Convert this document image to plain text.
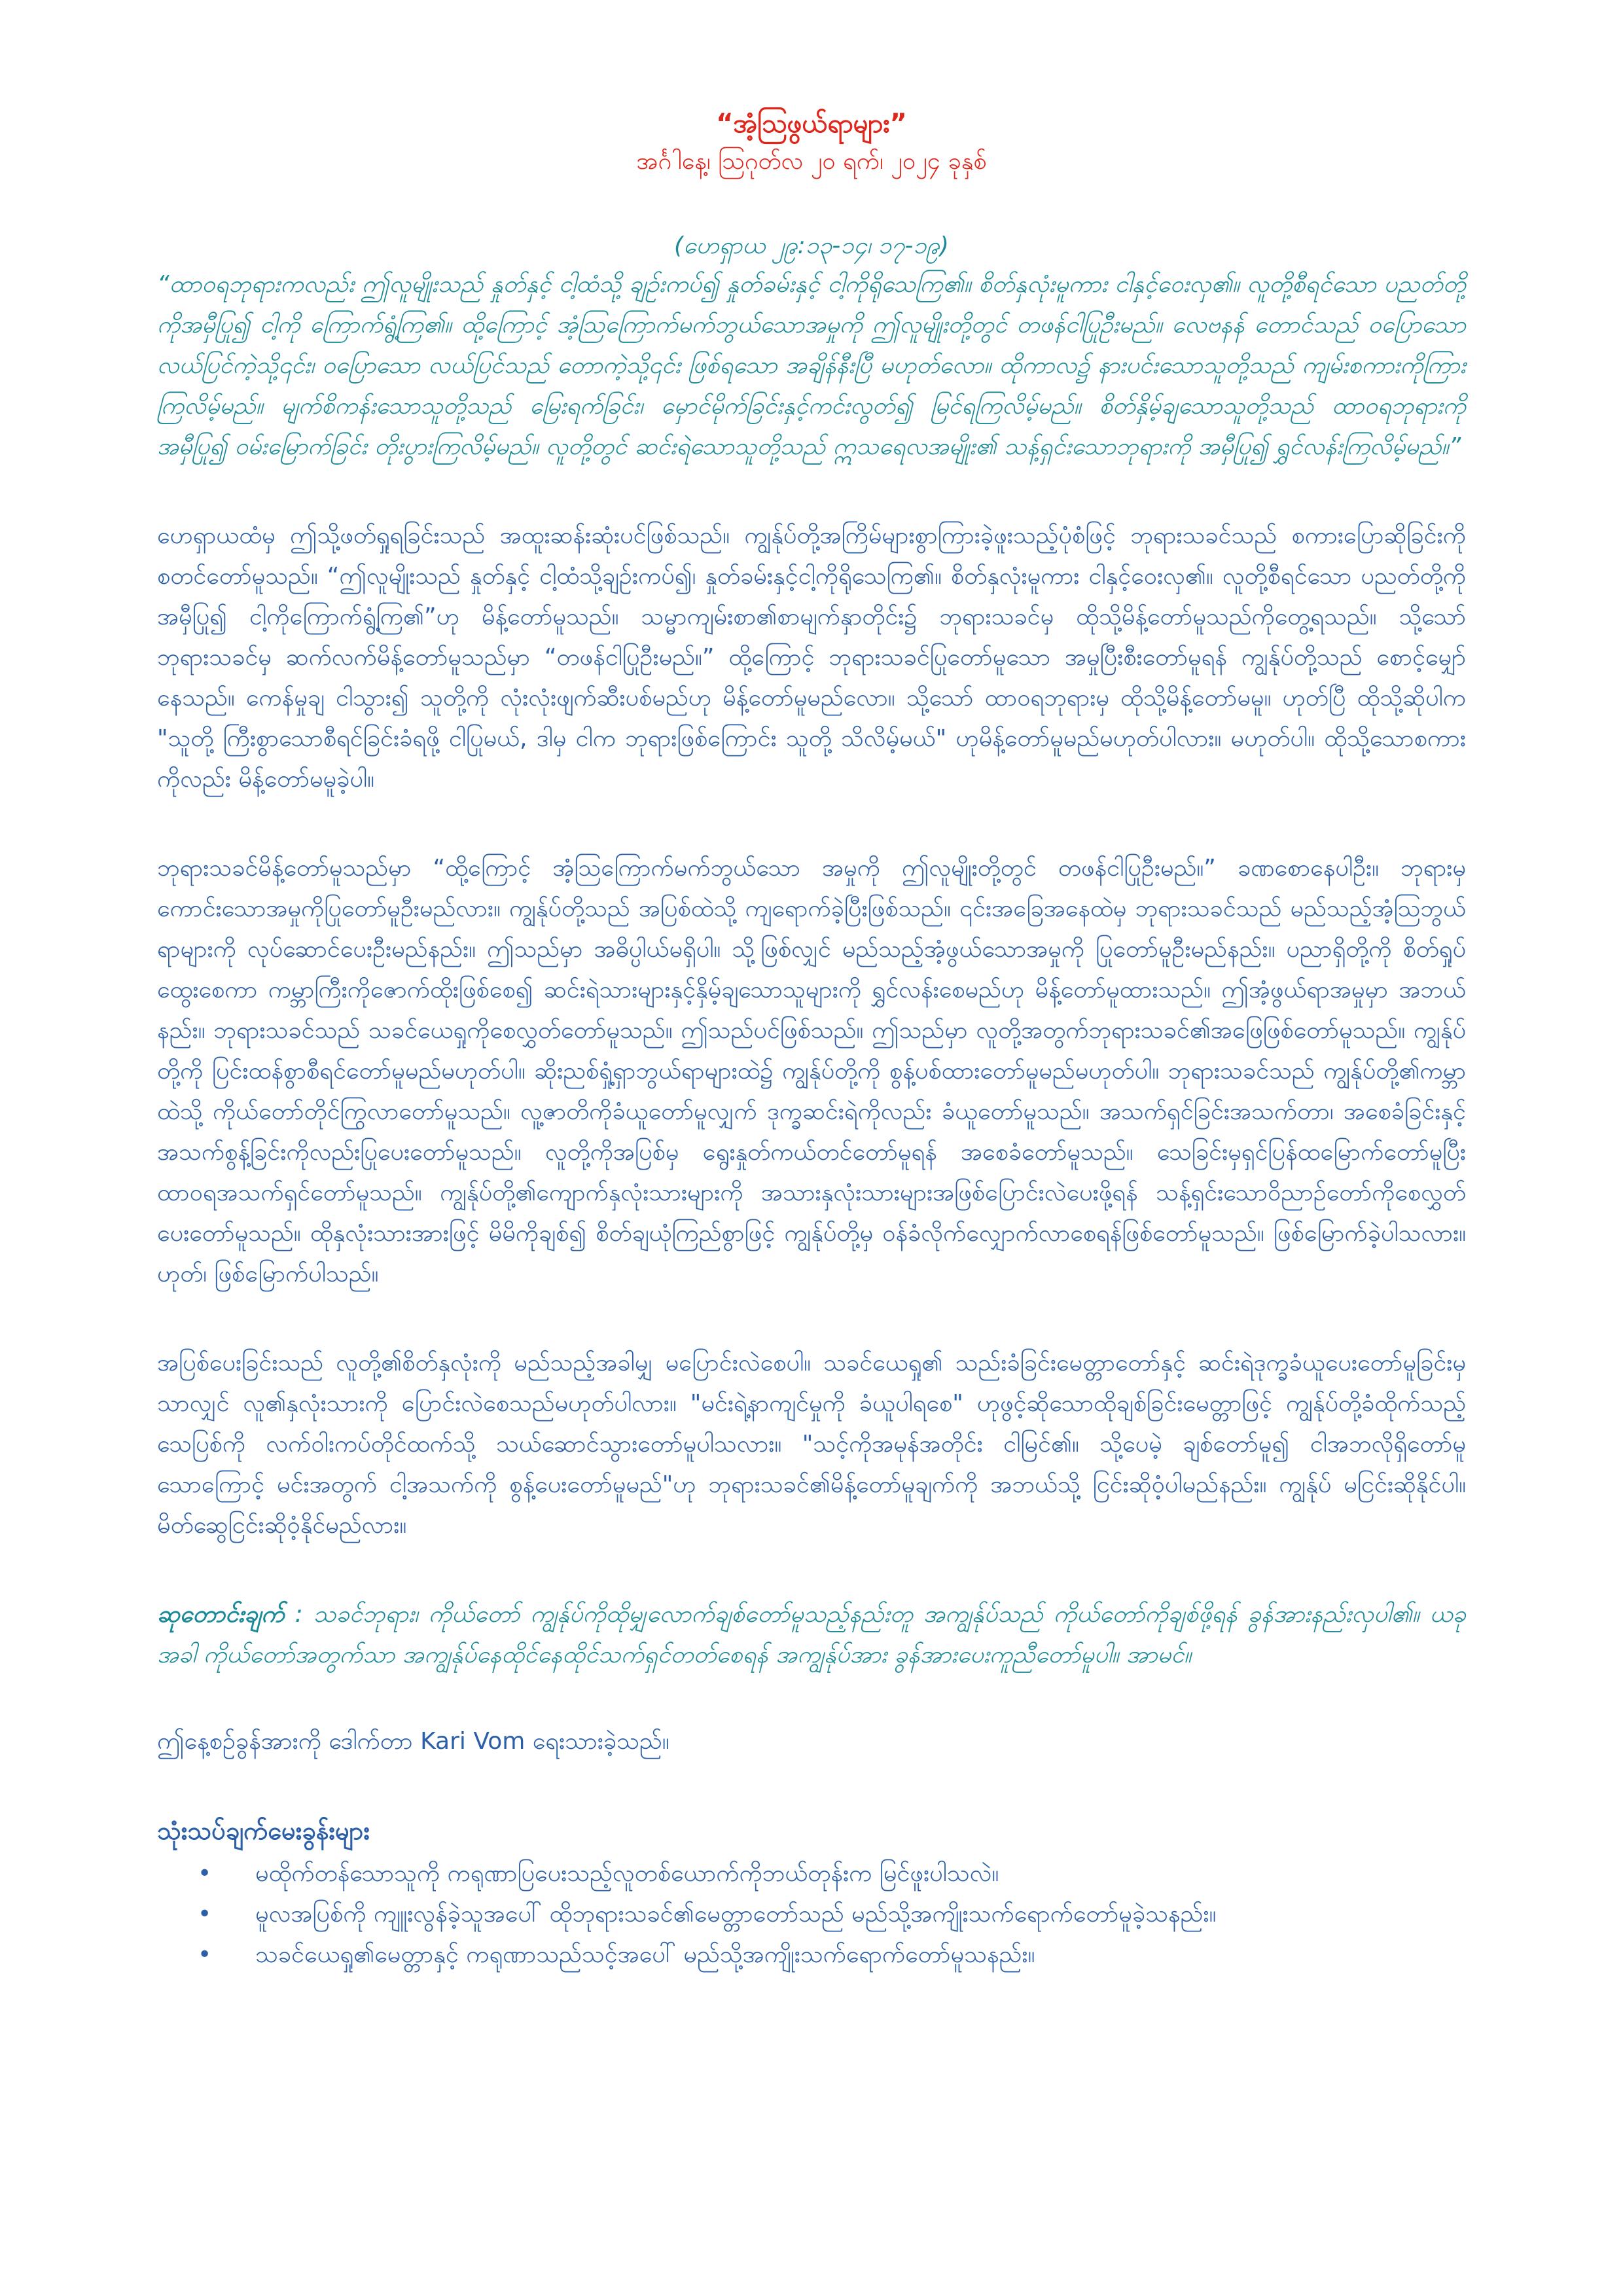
“အံ့သြဖွယ်ရာများ”

အင်္ဂါနေ့၊ ဩဂုတ်လ ၂၀ ရက်၊ ၂၀၂၄ ခုနှစ်

(ဟေရှာယ ၂၉:၁၃-၁၄၊ ၁၇-၁၉)

“ထာဝရဘုရားကလည်း ဤလူမျိုးသည် နှုတ်နှင့် ငါ့ထံသို့ ချဉ်းကပ်၍ နှုတ်ခမ်းနှင့် ငါ့ကိုရိုသေကြ၏။ စိတ်နှလုံးမူကား ငါနှင့်ဝေးလှ၏။ လူတို့စီရင်သော ပညတ်တို့ကိုအမှီပြု၍ ငါ့ကို ကြောက်ရွံ့ကြ၏။ ထို့ကြောင့် အံ့သြကြောက်မက်ဘွယ်သောအမှုကို ဤလူမျိုးတို့တွင် တဖန်ငါပြုဦးမည်။ လေဗနန် တောင်သည် ဝပြောသော လယ်ပြင်ကဲ့သို့၎င်း၊ ဝပြောသော လယ်ပြင်သည် တောကဲ့သို့၎င်း ဖြစ်ရသော အချိန်နီးပြီ မဟုတ်လော။ ထိုကာလ၌ နားပင်းသောသူတို့သည် ကျမ်းစကားကိုကြားကြလိမ့်မည်။ မျက်စိကန်းသောသူတို့သည် မြေးရက်ခြင်း၊ မှောင်မိုက်ခြင်းနှင့်ကင်းလွတ်၍ မြင်ရကြလိမ့်မည်။ စိတ်နှိမ့်ချသောသူတို့သည် ထာဝရဘုရားကို အမှီပြု၍ ဝမ်းမြောက်ခြင်း တိုးပွားကြလိမ့်မည်။ လူတို့တွင် ဆင်းရဲသောသူတို့သည် ဣသရေလအမျိုး၏ သန့်ရှင်းသောဘုရားကို အမှီပြု၍ ရွှင်လန်းကြလိမ့်မည်။”

ဟေရှာယထံမှ ဤသို့ဖတ်ရှုရခြင်းသည် အထူးဆန်းဆုံးပင်ဖြစ်သည်။ ကျွန်ုပ်တို့အကြိမ်များစွာကြားခဲ့ဖူးသည့်ပုံစံဖြင့် ဘုရားသခင်သည် စကားပြောဆိုခြင်းကို စတင်တော်မူသည်။ “ဤလူမျိုးသည် နှုတ်နှင့် ငါ့ထံသို့ချဉ်းကပ်၍၊ နှုတ်ခမ်းနှင့်ငါ့ကိုရိုသေကြ၏။ စိတ်နှလုံးမူကား ငါနှင့်ဝေးလှ၏။ လူတို့စီရင်သော ပညတ်တို့ကိုအမှီပြု၍ ငါ့ကိုကြောက်ရွံ့ကြ၏”ဟု မိန့်တော်မူသည်။ သမ္မာကျမ်းစာ၏စာမျက်နှာတိုင်း၌ ဘုရားသခင်မှ ထိုသို့မိန့်တော်မူသည်ကိုတွေ့ရသည်။ သို့သော် ဘုရားသခင်မှ ဆက်လက်မိန့်တော်မူသည်မှာ “တဖန်ငါပြုဦးမည်။” ထို့ကြောင့် ဘုရားသခင်ပြုတော်မူသော အမှုပြီးစီးတော်မူရန် ကျွန်ုပ်တို့သည် စောင့်မျှော်နေသည်။ ကေန်မှုချ ငါသွား၍ သူတို့ကို လုံးလုံးဖျက်ဆီးပစ်မည်ဟု မိန့်တော်မူမည်လော။ သို့သော် ထာဝရဘုရားမှ ထိုသို့မိန့်တော်မမူ။ ဟုတ်ပြီ ထိုသို့ဆိုပါက "သူတို့ ကြီးစွာသောစီရင်ခြင်းခံရဖို့ ငါပြုမယ်, ဒါမှ ငါက ဘုရားဖြစ်ကြောင်း သူတို့ သိလိမ့်မယ်" ဟုမိန့်တော်မူမည်မဟုတ်ပါလား။ မဟုတ်ပါ။ ထိုသို့သောစကားကိုလည်း မိန့်တော်မမူခဲ့ပါ။

ဘုရားသခင်မိန့်တော်မူသည်မှာ “ထို့ကြောင့် အံ့သြကြောက်မက်ဘွယ်သော အမှုကို ဤလူမျိုးတို့တွင် တဖန်ငါပြုဦးမည်။” ခဏစောနေပါဦး။ ဘုရားမှကောင်းသောအမှုကိုပြုတော်မူဦးမည်လား။ ကျွန်ုပ်တို့သည် အပြစ်ထဲသို့ ကျရောက်ခဲ့ပြီးဖြစ်သည်။ ၎င်းအခြေအနေထဲမှ ဘုရားသခင်သည် မည်သည့်အံ့သြဘွယ်ရာများကို လုပ်ဆောင်ပေးဦးမည်နည်း။ ဤသည်မှာ အဓိပ္ပါယ်မရှိပါ။ သို့ဖြစ်လျှင် မည်သည့်အံ့ဖွယ်သောအမှုကို ပြုတော်မူဦးမည်နည်း။ ပညာရှိတို့ကို စိတ်ရှုပ်ထွေးစေကာ ကမ္ဘာကြီးကိုဇောက်ထိုးဖြစ်စေ၍ ဆင်းရဲသားများနှင့်နှိမ့်ချသောသူများကို ရွှင်လန်းစေမည်ဟု မိန့်တော်မူထားသည်။ ဤအံ့ဖွယ်ရာအမှုမှာ အဘယ်နည်း။ ဘုရားသခင်သည် သခင်ယေရှုကိုစေလွှတ်တော်မူသည်။ ဤသည်ပင်ဖြစ်သည်။ ဤသည်မှာ လူတို့အတွက်ဘုရားသခင်၏အဖြေဖြစ်တော်မူသည်။ ကျွန်ုပ်တို့ကို ပြင်းထန်စွာစီရင်တော်မူမည်မဟုတ်ပါ။ ဆိုးညစ်ရှုံ့ရှာဘွယ်ရာများထဲ၌ ကျွန်ုပ်တို့ကို စွန့်ပစ်ထားတော်မူမည်မဟုတ်ပါ။ ဘုရားသခင်သည် ကျွန်ုပ်တို့၏ကမ္ဘာထဲသို့ ကိုယ်တော်တိုင်ကြွလာတော်မူသည်။ လူ့ဇာတိကိုခံယူတော်မူလျှက် ဒုက္ခဆင်းရဲကိုလည်း ခံယူတော်မူသည်။ အသက်ရှင်ခြင်းအသက်တာ၊ အစေခံခြင်းနှင့်အသက်စွန့်ခြင်းကိုလည်းပြုပေးတော်မူသည်။ လူတို့ကိုအပြစ်မှ ရွေးနှုတ်ကယ်တင်တော်မူရန် အစေခံတော်မူသည်။ သေခြင်းမှရှင်ပြန်ထမြောက်တော်မူပြီး ထာဝရအသက်ရှင်တော်မူသည်။ ကျွန်ုပ်တို့၏ကျောက်နှလုံးသားများကို အသားနှလုံးသားများအဖြစ်ပြောင်းလဲပေးဖို့ရန် သန့်ရှင်းသောဝိညာဉ်တော်ကိုစေလွှတ်ပေးတော်မူသည်။ ထိုနှလုံးသားအားဖြင့် မိမိကိုချစ်၍ စိတ်ချယုံကြည်စွာဖြင့် ကျွန်ုပ်တို့မှ ဝန်ခံလိုက်လျှောက်လာစေရန်ဖြစ်တော်မူသည်။ ဖြစ်မြောက်ခဲ့ပါသလား။ ဟုတ်၊ ဖြစ်မြောက်ပါသည်။

အပြစ်ပေးခြင်းသည် လူတို့၏စိတ်နှလုံးကို မည်သည့်အခါမျှ မပြောင်းလဲစေပါ။ သခင်ယေရှု၏ သည်းခံခြင်းမေတ္တာတော်နှင့် ဆင်းရဲဒုက္ခခံယူပေးတော်မူခြင်းမှသာလျှင် လူ၏နှလုံးသားကို ပြောင်းလဲစေသည်မဟုတ်ပါလား။ "မင်းရဲ့နာကျင်မှုကို ခံယူပါရစေ" ဟုဖွင့်ဆိုသောထိုချစ်ခြင်းမေတ္တာဖြင့် ကျွန်ုပ်တို့ခံထိုက်သည့် သေပြစ်ကို လက်ဝါးကပ်တိုင်ထက်သို့ သယ်ဆောင်သွားတော်မူပါသလား။ "သင့်ကိုအမုန်အတိုင်း ငါမြင်၏။ သို့ပေမဲ့ ချစ်တော်မူ၍ ငါအဘလိုရှိတော်မူသောကြောင့် မင်းအတွက် ငါ့အသက်ကို စွန့်ပေးတော်မူမည်"ဟု ဘုရားသခင်၏မိန့်တော်မူချက်ကို အဘယ်သို့ ငြင်းဆိုဝံ့ပါမည်နည်း။ ကျွန်ုပ် မငြင်းဆိုနိုင်ပါ။ မိတ်ဆွေငြင်းဆိုဝံ့နိုင်မည်လား။

ဆုတောင်းချက် : သခင်ဘုရား၊ ကိုယ်တော် ကျွန်ုပ်ကိုထိုမျှလောက်ချစ်တော်မူသည့်နည်းတူ အကျွန်ုပ်သည် ကိုယ်တော်ကိုချစ်ဖို့ရန် ခွန်အားနည်းလှပါ၏။ ယခုအခါ ကိုယ်တော်အတွက်သာ အကျွန်ုပ်နေထိုင်နေထိုင်သက်ရှင်တတ်စေရန် အကျွန်ုပ်အား ခွန်အားပေးကူညီတော်မူပါ။ အာမင်။

ဤနေ့စဉ်ခွန်အားကို ဒေါက်တာ Kari Vo‌m ရေးသားခဲ့သည်။

သုံးသပ်ချက်မေးခွန်းများ
• မထိုက်တန်သောသူကို ကရုဏာပြပေးသည့်လူတစ်ယောက်ကိုဘယ်တုန်းက မြင်ဖူးပါသလဲ။
• မူလအပြစ်ကို ကျူးလွန်ခဲ့သူအပေါ် ထိုဘုရားသခင်၏မေတ္တာတော်သည် မည်သို့အကျိုးသက်ရောက်တော်မူခဲ့သနည်း။
• သခင်ယေရှု၏မေတ္တာနှင့် ကရုဏာသည်သင့်အပေါ် မည်သို့အကျိုးသက်ရောက်တော်မူသနည်း။
